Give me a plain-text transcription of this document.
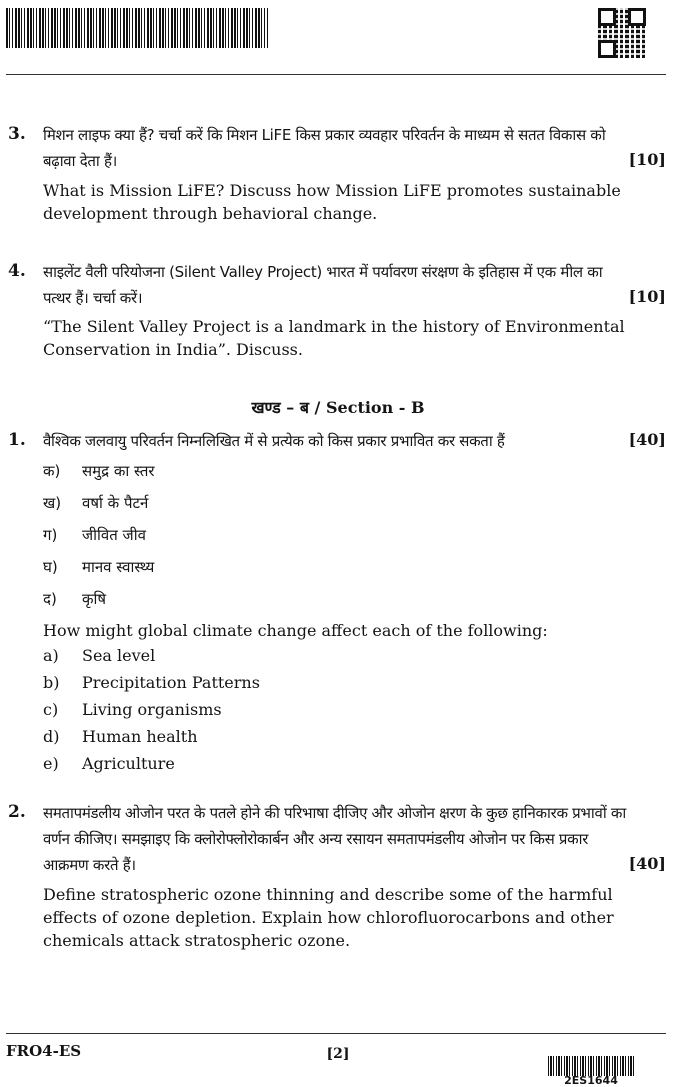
3. मिशन लाइफ क्या हैं? चर्चा करें कि मिशन LiFE किस प्रकार व्यवहार परिवर्तन के माध्यम से सतत विकास को
बढ़ावा देता हैं।	[10]
What is Mission LiFE? Discuss how Mission LiFE promotes sustainable development through behavioral change.
4. साइलेंट वैली परियोजना (Silent Valley Project) भारत में पर्यावरण संरक्षण के इतिहास में एक मील का
पत्थर हैं। चर्चा करें।	[10]
“The Silent Valley Project is a landmark in the history of Environmental Conservation in India”. Discuss.
खण्ड – ब / Section - B
1. वैश्विक जलवायु परिवर्तन निम्नलिखित में से प्रत्येक को किस प्रकार प्रभावित कर सकता हैं	[40]
क) समुद्र का स्तर
ख) वर्षा के पैटर्न
ग) जीवित जीव
घ) मानव स्वास्थ्य
द) कृषि
How might global climate change affect each of the following:
a) Sea level
b) Precipitation Patterns
c) Living organisms
d) Human health
e) Agriculture
2. समतापमंडलीय ओजोन परत के पतले होने की परिभाषा दीजिए और ओजोन क्षरण के कुछ हानिकारक प्रभावों का
वर्णन कीजिए। समझाइए कि क्लोरोफ्लोरोकार्बन और अन्य रसायन समतापमंडलीय ओजोन पर किस प्रकार
आक्रमण करते हैं।	[40]
Define stratospheric ozone thinning and describe some of the harmful effects of ozone depletion. Explain how chlorofluorocarbons and other chemicals attack stratospheric ozone.
FRO4-ES	[2]
2ES1644
